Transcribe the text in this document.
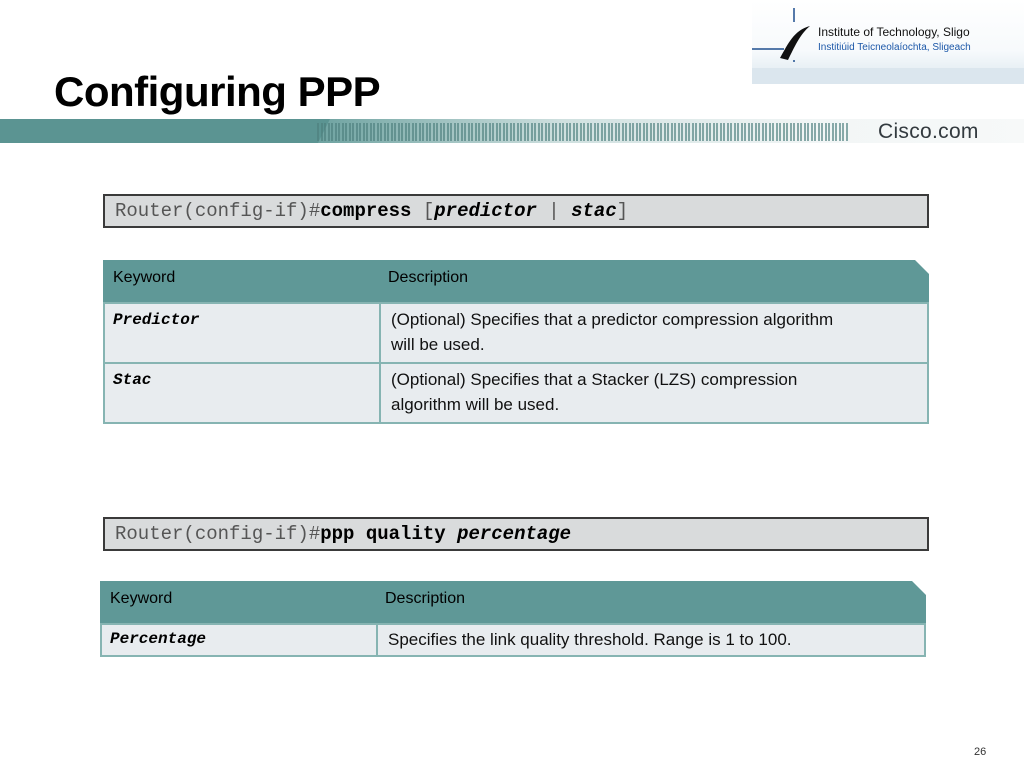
Institute of Technology, Sligo
Institiúid Teicneolaíochta, Sligeach
Configuring PPP
Cisco.com
Router(config-if)#compress [predictor | stac]
Keyword	Description
Predictor	(Optional) Specifies that a predictor compression algorithm
will be used.
Stac	(Optional) Specifies that a Stacker (LZS) compression
algorithm will be used.
Router(config-if)#ppp quality percentage
Keyword	Description
Percentage	Specifies the link quality threshold. Range is 1 to 100.
26
